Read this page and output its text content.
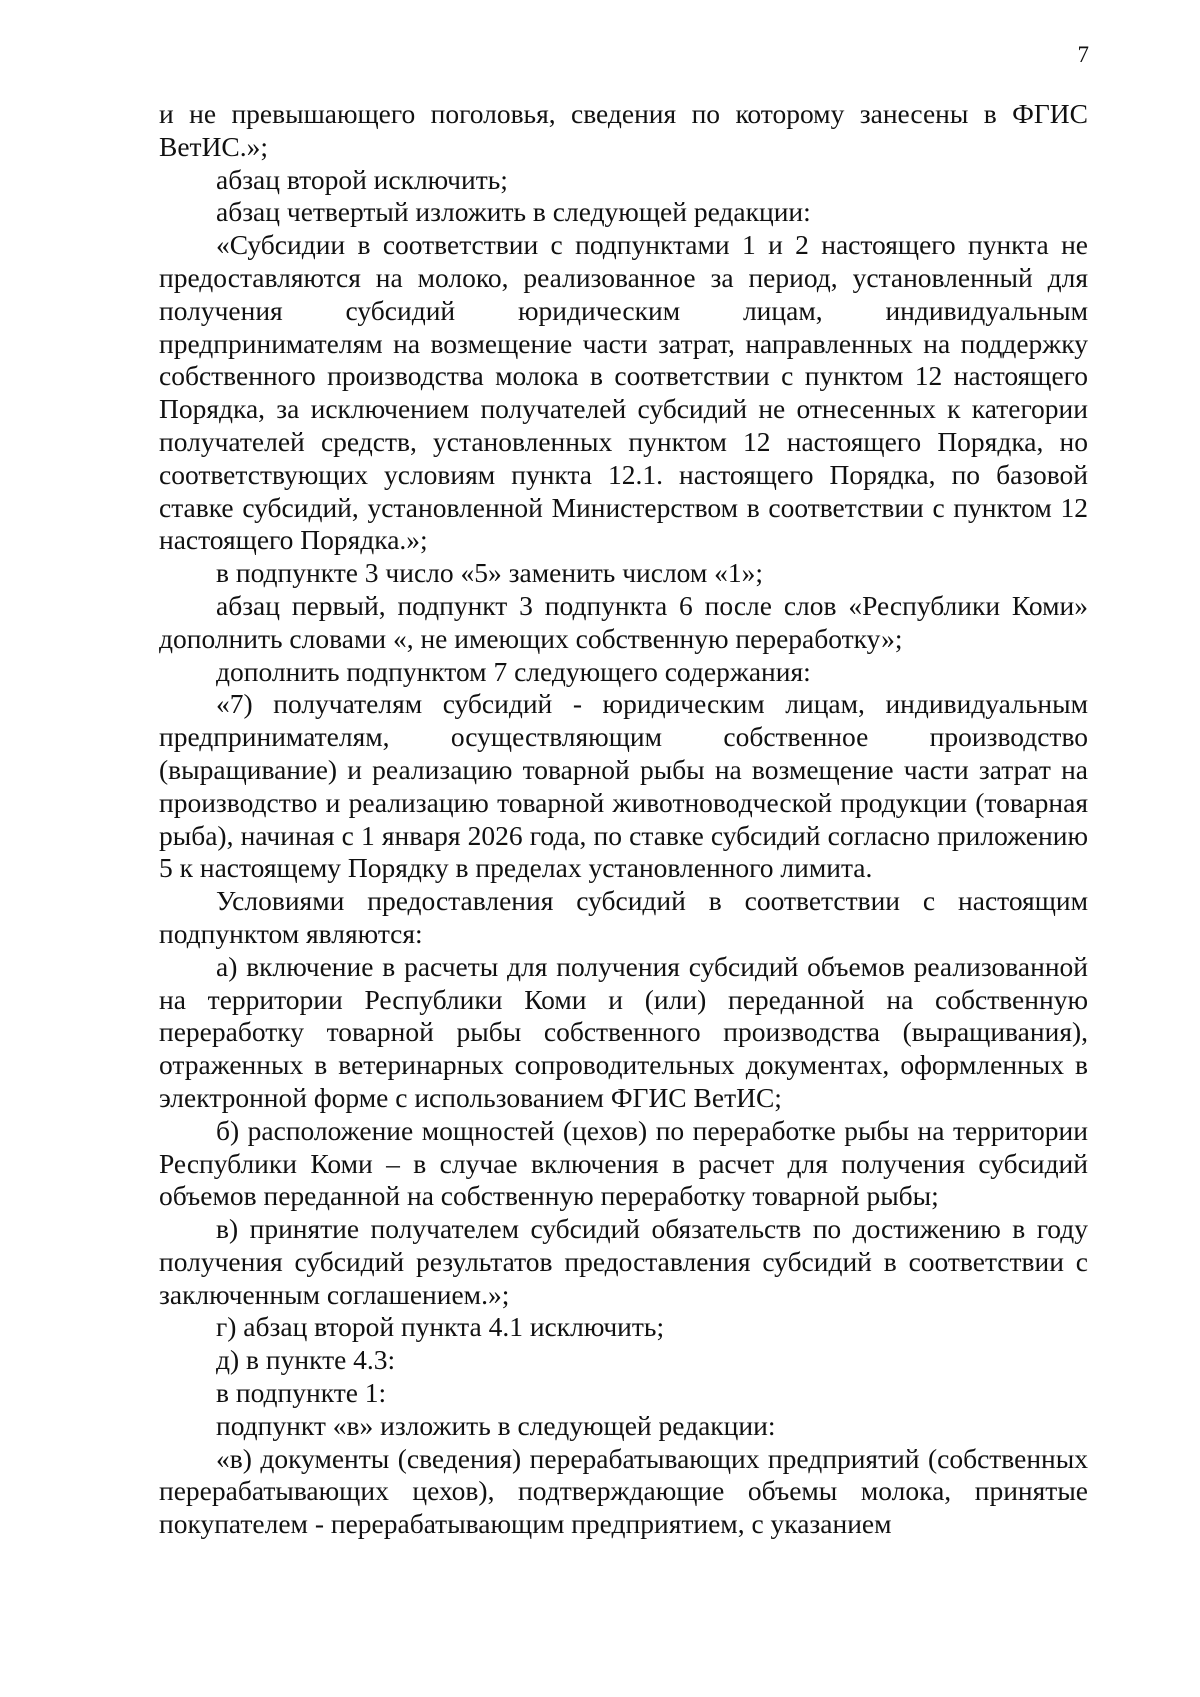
7

и не превышающего поголовья, сведения по которому занесены в ФГИС ВетИС.»;

абзац второй исключить;

абзац четвертый изложить в следующей редакции:

«Субсидии в соответствии с подпунктами 1 и 2 настоящего пункта не предоставляются на молоко, реализованное за период, установленный для получения субсидий юридическим лицам, индивидуальным предпринимателям на возмещение части затрат, направленных на поддержку собственного производства молока в соответствии с пунктом 12 настоящего Порядка, за исключением получателей субсидий не отнесенных к категории получателей средств, установленных пунктом 12 настоящего Порядка, но соответствующих условиям пункта 12.1. настоящего Порядка, по базовой ставке субсидий, установленной Министерством в соответствии с пунктом 12 настоящего Порядка.»;

в подпункте 3 число «5» заменить числом «1»;

абзац первый, подпункт 3 подпункта 6 после слов «Республики Коми» дополнить словами «, не имеющих собственную переработку»;

дополнить подпунктом 7 следующего содержания:

«7) получателям субсидий - юридическим лицам, индивидуальным предпринимателям, осуществляющим собственное производство (выращивание) и реализацию товарной рыбы на возмещение части затрат на производство и реализацию товарной животноводческой продукции (товарная рыба), начиная с 1 января 2026 года, по ставке субсидий согласно приложению 5 к настоящему Порядку в пределах установленного лимита.

Условиями предоставления субсидий в соответствии с настоящим подпунктом являются:

а) включение в расчеты для получения субсидий объемов реализованной на территории Республики Коми и (или) переданной на собственную переработку товарной рыбы собственного производства (выращивания), отраженных в ветеринарных сопроводительных документах, оформленных в электронной форме с использованием ФГИС ВетИС;

б) расположение мощностей (цехов) по переработке рыбы на территории Республики Коми – в случае включения в расчет для получения субсидий объемов переданной на собственную переработку товарной рыбы;

в) принятие получателем субсидий обязательств по достижению в году получения субсидий результатов предоставления субсидий в соответствии с заключенным соглашением.»;

г) абзац второй пункта 4.1 исключить;

д) в пункте 4.3:

в подпункте 1:

подпункт «в» изложить в следующей редакции:

«в) документы (сведения) перерабатывающих предприятий (собственных перерабатывающих цехов), подтверждающие объемы молока, принятые покупателем - перерабатывающим предприятием, с указанием
